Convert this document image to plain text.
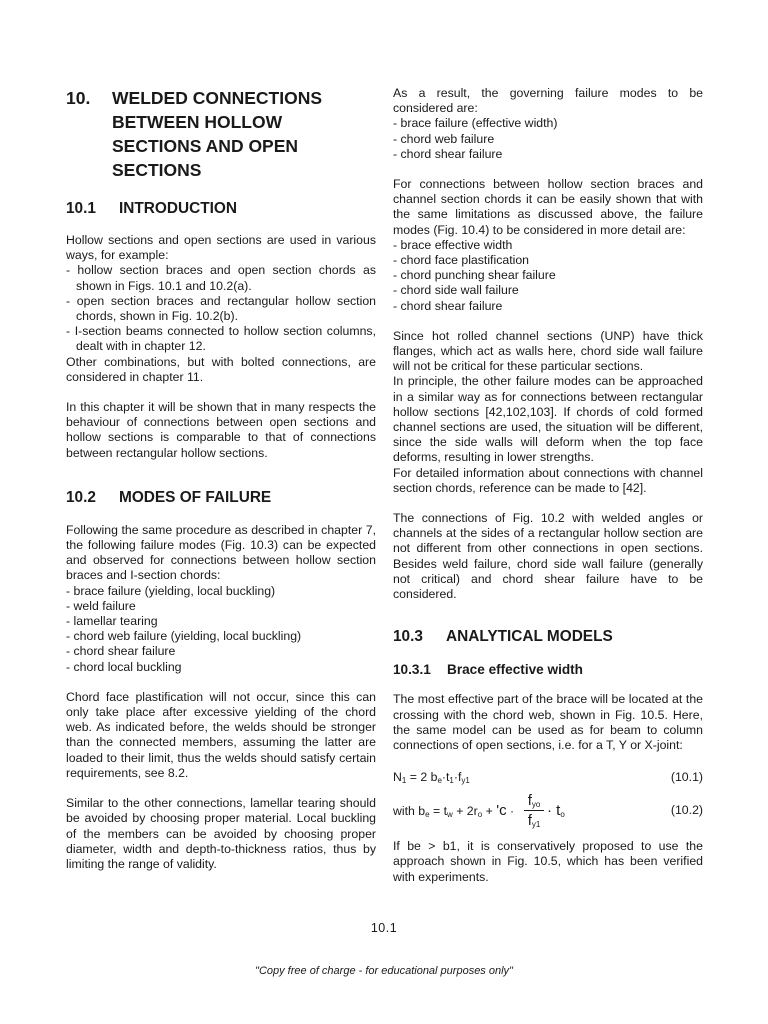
10.	WELDED CONNECTIONS
BETWEEN HOLLOW
SECTIONS AND OPEN
SECTIONS
10.1 INTRODUCTION

Hollow sections and open sections are used in various ways, for example:

- hollow section braces and open section chords as shown in Figs. 10.1 and 10.2(a).
- open section braces and rectangular hollow section chords, shown in Fig. 10.2(b).
- I-section beams connected to hollow section columns, dealt with in chapter 12.

Other combinations, but with bolted connections, are considered in chapter 11.

In this chapter it will be shown that in many respects the behaviour of connections between open sections and hollow sections is comparable to that of connections between rectangular hollow sections.

10.2 MODES OF FAILURE

Following the same procedure as described in chapter 7, the following failure modes (Fig. 10.3) can be expected and observed for connections between hollow section braces and I-section chords:

- brace failure (yielding, local buckling)
- weld failure
- lamellar tearing
- chord web failure (yielding, local buckling)
- chord shear failure
- chord local buckling

Chord face plastification will not occur, since this can only take place after excessive yielding of the chord web. As indicated before, the welds should be stronger than the connected members, assuming the latter are loaded to their limit, thus the welds should satisfy certain requirements, see 8.2.

Similar to the other connections, lamellar tearing should be avoided by choosing proper material. Local buckling of the members can be avoided by choosing proper diameter, width and depth-to-thickness ratios, thus by limiting the range of validity.

As a result, the governing failure modes to be considered are:

- brace failure (effective width)
- chord web failure
- chord shear failure

For connections between hollow section braces and channel section chords it can be easily shown that with the same limitations as discussed above, the failure modes (Fig. 10.4) to be considered in more detail are:

- brace effective width
- chord face plastification
- chord punching shear failure
- chord side wall failure
- chord shear failure

Since hot rolled channel sections (UNP) have thick flanges, which act as walls here, chord side wall failure will not be critical for these particular sections.

In principle, the other failure modes can be approached in a similar way as for connections between rectangular hollow sections [42,102,103]. If chords of cold formed channel sections are used, the situation will be different, since the side walls will deform when the top face deforms, resulting in lower strengths.

For detailed information about connections with channel section chords, reference can be made to [42].

The connections of Fig. 10.2 with welded angles or channels at the sides of a rectangular hollow section are not different from other connections in open sections. Besides weld failure, chord side wall failure (generally not critical) and chord shear failure have to be considered.

10.3 ANALYTICAL MODELS
10.3.1 Brace effective width

The most effective part of the brace will be located at the crossing with the chord web, shown in Fig. 10.5. Here, the same model can be used as for beam to column connections of open sections, i.e. for a T, Y or X-joint:

$N_1 = 2$ $b_e\cdot t_1\cdot f_{y1}$	(10.1)
with $b_e = t_w + 2r_o$ + 'c ·
$f_{yo}$
$f_{y1}$
· $t_o$	(10.2)

If be > b1, it is conservatively proposed to use the approach shown in Fig. 10.5, which has been verified with experiments.

10.1
"Copy free of charge - for educational purposes only"
